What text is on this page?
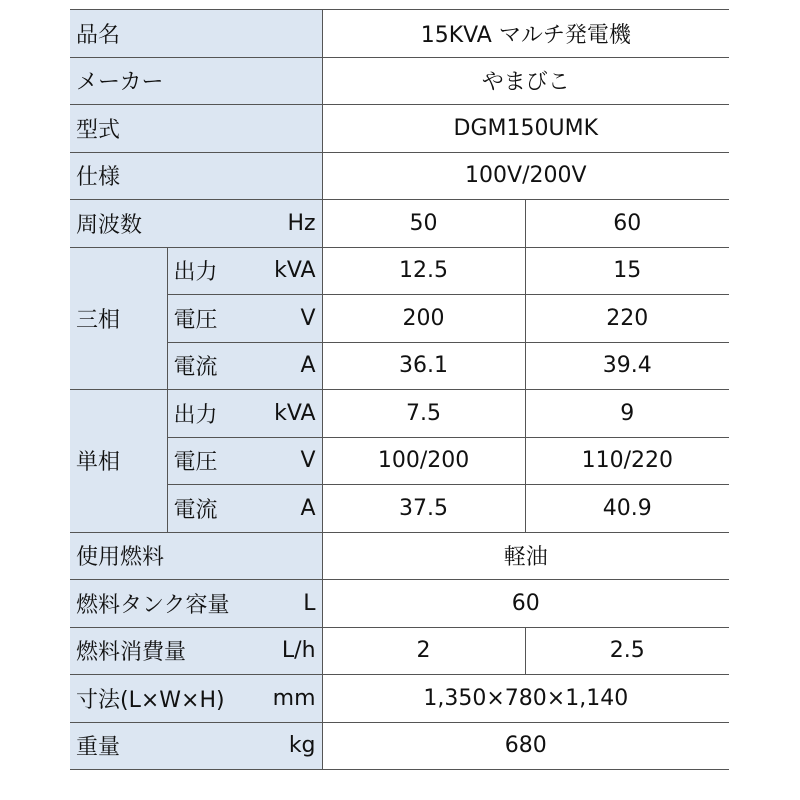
品名			15KVA マルチ発電機	
メーカー			やまびこ	
型式			DGM150UMK	
仕様			100V/200V	
周波数		Hz	50	60
三相	出力	kVA	12.5	15
	電圧	V	200	220
	電流	A	36.1	39.4
単相	出力	kVA	7.5	9
	電圧	V	100/200	110/220
	電流	A	37.5	40.9
使用燃料			軽油	
燃料タンク容量		L	60	
燃料消費量		L/h	2	2.5
寸法(L×W×H)		mm	1,350×780×1,140	
重量		kg	680	
